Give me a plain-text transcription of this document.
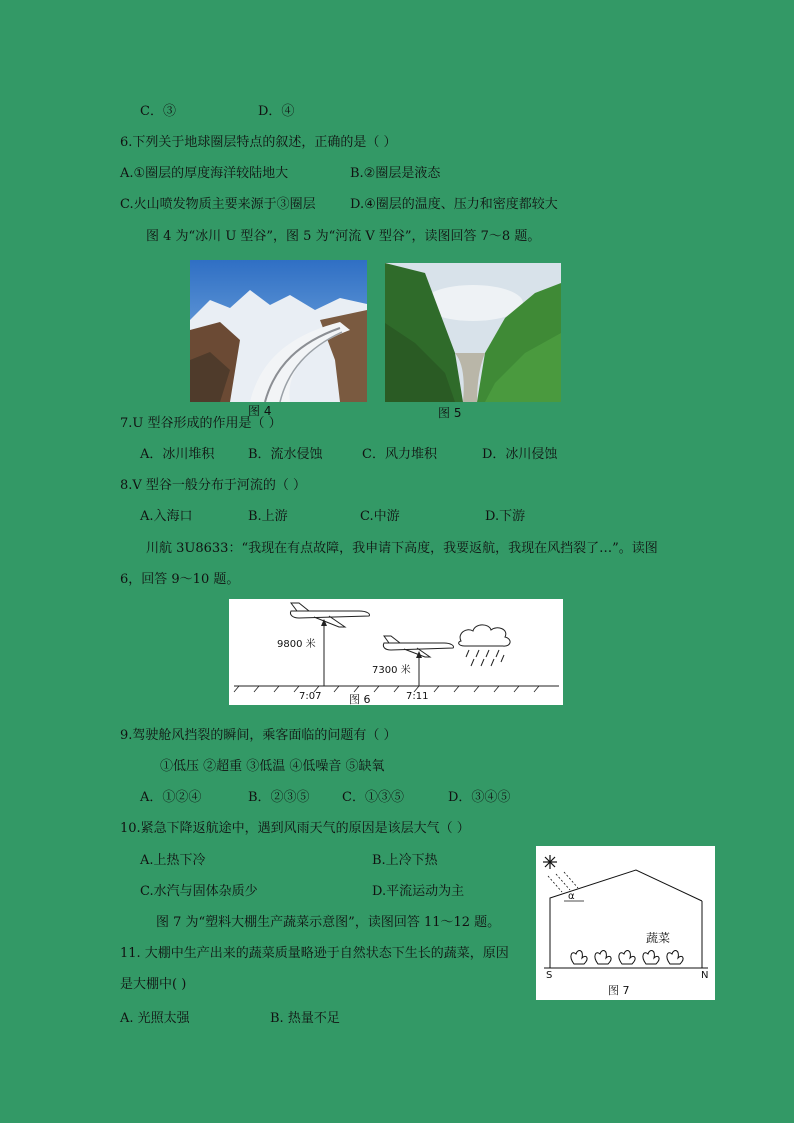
C．③	D．④
6.下列关于地球圈层特点的叙述，正确的是（ ）
A.①圈层的厚度海洋较陆地大	B.②圈层是液态
C.火山喷发物质主要来源于③圈层	D.④圈层的温度、压力和密度都较大
图 4 为“冰川 U 型谷”，图 5 为“河流 V 型谷”，读图回答 7～8 题。
图 4	图 5
7.U 型谷形成的作用是（ ）
A．冰川堆积	B．流水侵蚀	C．风力堆积	D．冰川侵蚀
8.V 型谷一般分布于河流的（ ）
A.入海口	B.上游	C.中游	D.下游
川航 3U8633：“我现在有点故障，我申请下高度，我要返航，我现在风挡裂了…”。读图
6，回答 9～10 题。
9800 米
7300 米
7:07	7:11
图 6
9.驾驶舱风挡裂的瞬间，乘客面临的问题有（ ）
①低压 ②超重 ③低温 ④低噪音 ⑤缺氧
A．①②④	B．②③⑤ C．①③⑤	D．③④⑤
10.紧急下降返航途中，遇到风雨天气的原因是该层大气（ ）
A.上热下冷	B.上冷下热
C.水汽与固体杂质少	D.平流运动为主
图 7 为“塑料大棚生产蔬菜示意图”，读图回答 11～12 题。
α
蔬菜
S	N
图 7
11. 大棚中生产出来的蔬菜质量略逊于自然状态下生长的蔬菜，原因
是大棚中( )
A. 光照太强	B. 热量不足
